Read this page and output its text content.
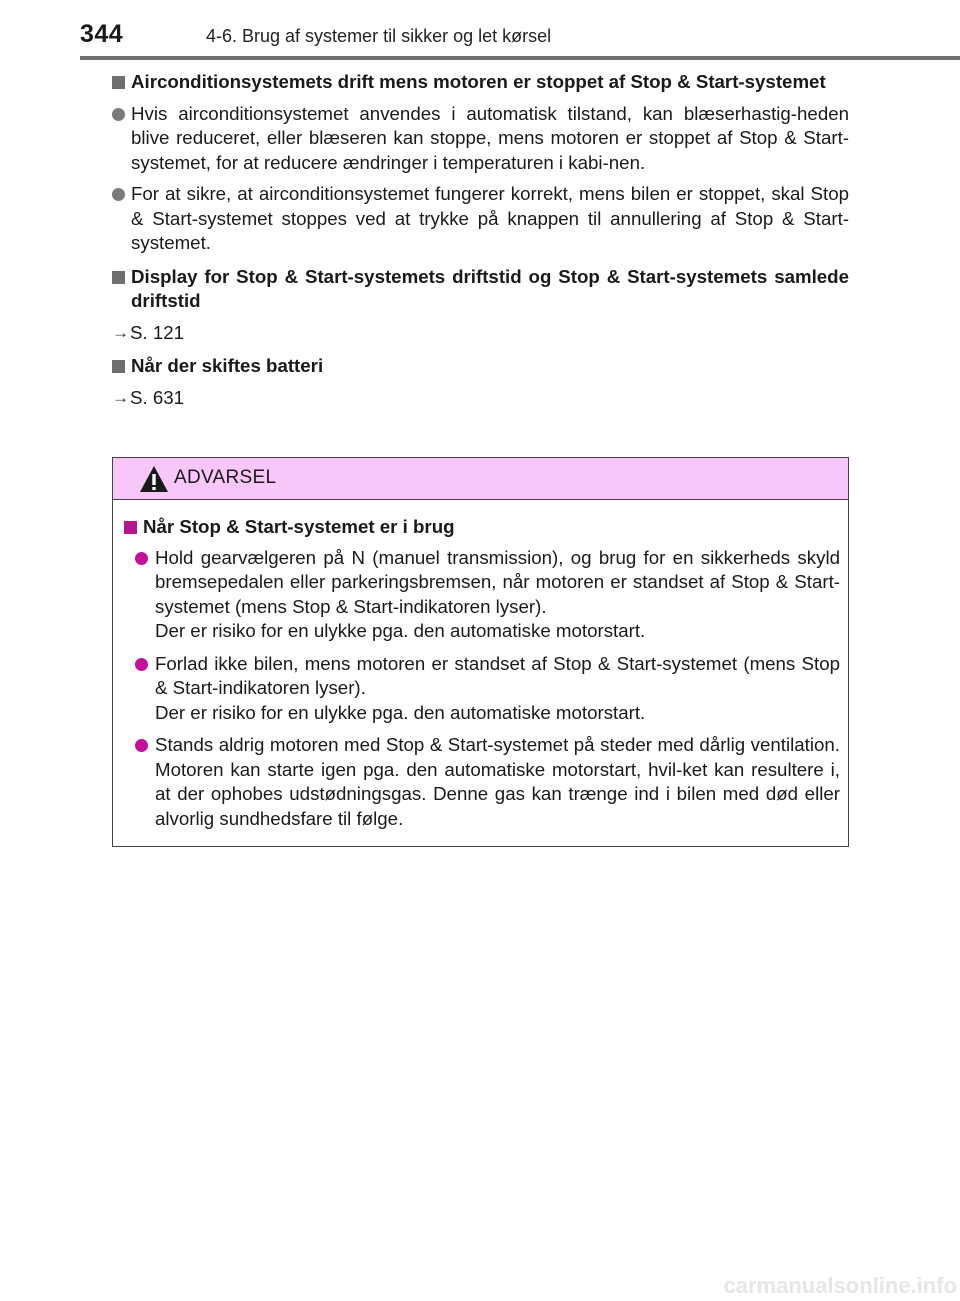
344	4-6. Brug af systemer til sikker og let kørsel
Airconditionsystemets drift mens motoren er stoppet af Stop & Start-systemet
Hvis airconditionsystemet anvendes i automatisk tilstand, kan blæserhastig-heden blive reduceret, eller blæseren kan stoppe, mens motoren er stoppet af Stop & Start-systemet, for at reducere ændringer i temperaturen i kabi-nen.
For at sikre, at airconditionsystemet fungerer korrekt, mens bilen er stoppet, skal Stop & Start-systemet stoppes ved at trykke på knappen til annullering af Stop & Start-systemet.
Display for Stop & Start-systemets driftstid og Stop & Start-systemets samlede driftstid
→ S. 121
Når der skiftes batteri
→ S. 631
ADVARSEL
Når Stop & Start-systemet er i brug
Hold gearvælgeren på N (manuel transmission), og brug for en sikkerheds skyld bremsepedalen eller parkeringsbremsen, når motoren er standset af Stop & Start-systemet (mens Stop & Start-indikatoren lyser).
Der er risiko for en ulykke pga. den automatiske motorstart.
Forlad ikke bilen, mens motoren er standset af Stop & Start-systemet (mens Stop & Start-indikatoren lyser).
Der er risiko for en ulykke pga. den automatiske motorstart.
Stands aldrig motoren med Stop & Start-systemet på steder med dårlig ventilation. Motoren kan starte igen pga. den automatiske motorstart, hvil-ket kan resultere i, at der ophobes udstødningsgas. Denne gas kan trænge ind i bilen med død eller alvorlig sundhedsfare til følge.
carmanualsonline.info
